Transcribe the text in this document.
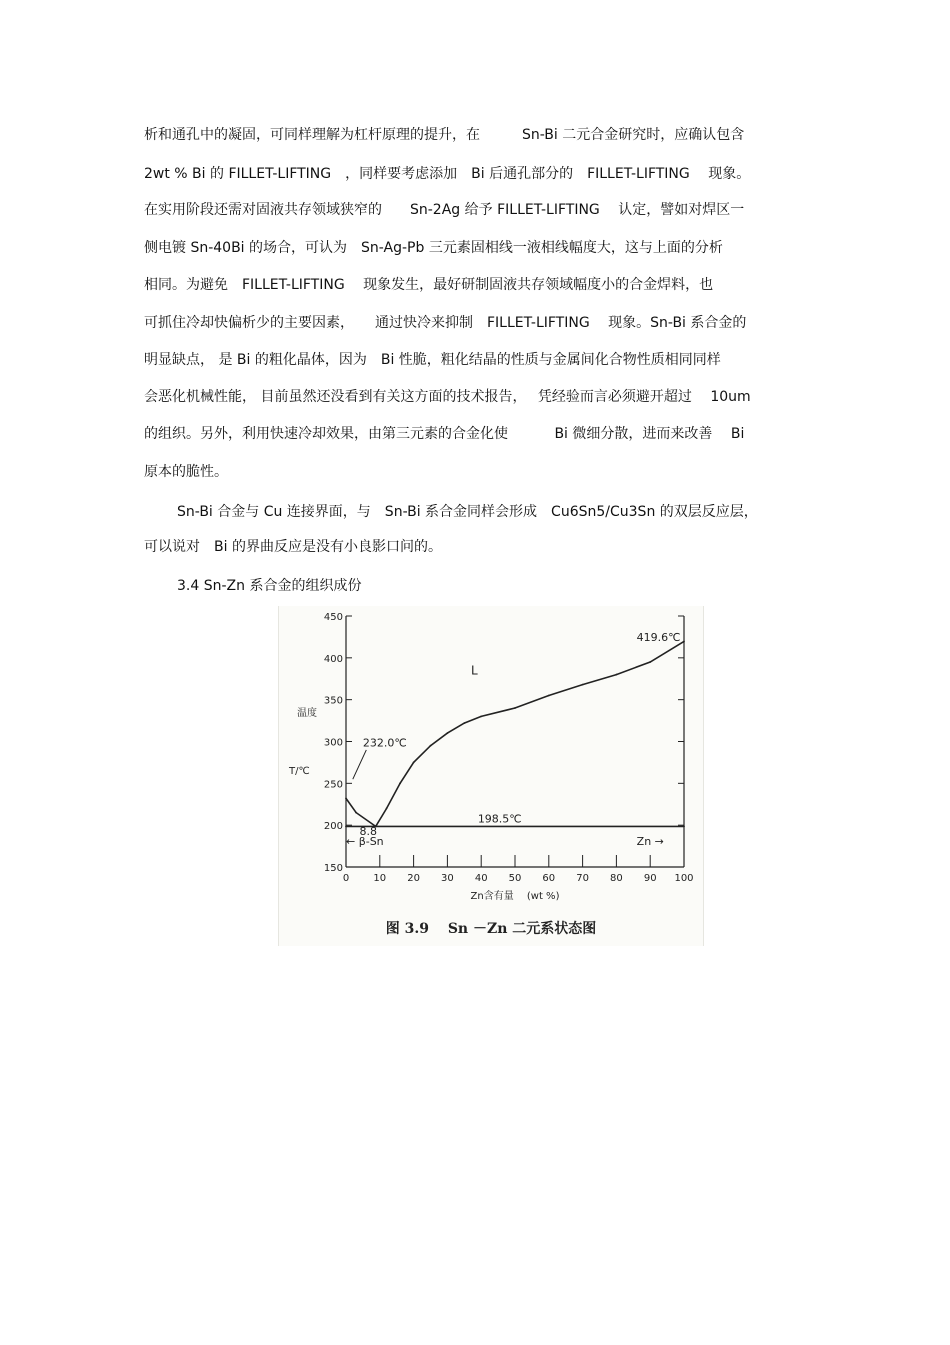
析和通孔中的凝固，可同样理解为杠杆原理的提升，在　　　Sn-Bi 二元合金研究时，应确认包含
2wt % Bi 的 FILLET-LIFTING　，同样要考虑添加　Bi 后通孔部分的　FILLET-LIFTING　 现象。
在实用阶段还需对固液共存领域狭窄的　　Sn-2Ag 给予 FILLET-LIFTING　 认定，譬如对焊区一
侧电镀 Sn-40Bi 的场合，可认为　Sn-Ag-Pb 三元素固相线一液相线幅度大，这与上面的分析
相同。为避免　FILLET-LIFTING　 现象发生，最好研制固液共存领域幅度小的合金焊料，也
可抓住冷却快偏析少的主要因素，　　通过快冷来抑制　FILLET-LIFTING　 现象。Sn-Bi 系合金的
明显缺点， 是 Bi 的粗化晶体，因为　Bi 性脆，粗化结晶的性质与金属间化合物性质相同同样
会恶化机械性能， 目前虽然还没看到有关这方面的技术报告，　 凭经验而言必须避开超过　 10um
的组织。另外，利用快速冷却效果，由第三元素的合金化使　　　 Bi 微细分散，进而来改善　 Bi
原本的脆性。
Sn-Bi 合金与 Cu 连接界面，与　Sn-Bi 系合金同样会形成　Cu6Sn5/Cu3Sn 的双层反应层，
可以说对　Bi 的界曲反应是没有小良影口问的。
3.4 Sn-Zn 系合金的组织成份
0 10 20 30 40 50 60 70 80 90 100
150
200
250
300
350
400
450
L
419.6℃
232.0℃
198.5℃
8.8
← β-Sn	Zn →
温度
T/℃
Zn含有量　 (wt %)
图 3.9　 Sn －Zn 二元系状态图
